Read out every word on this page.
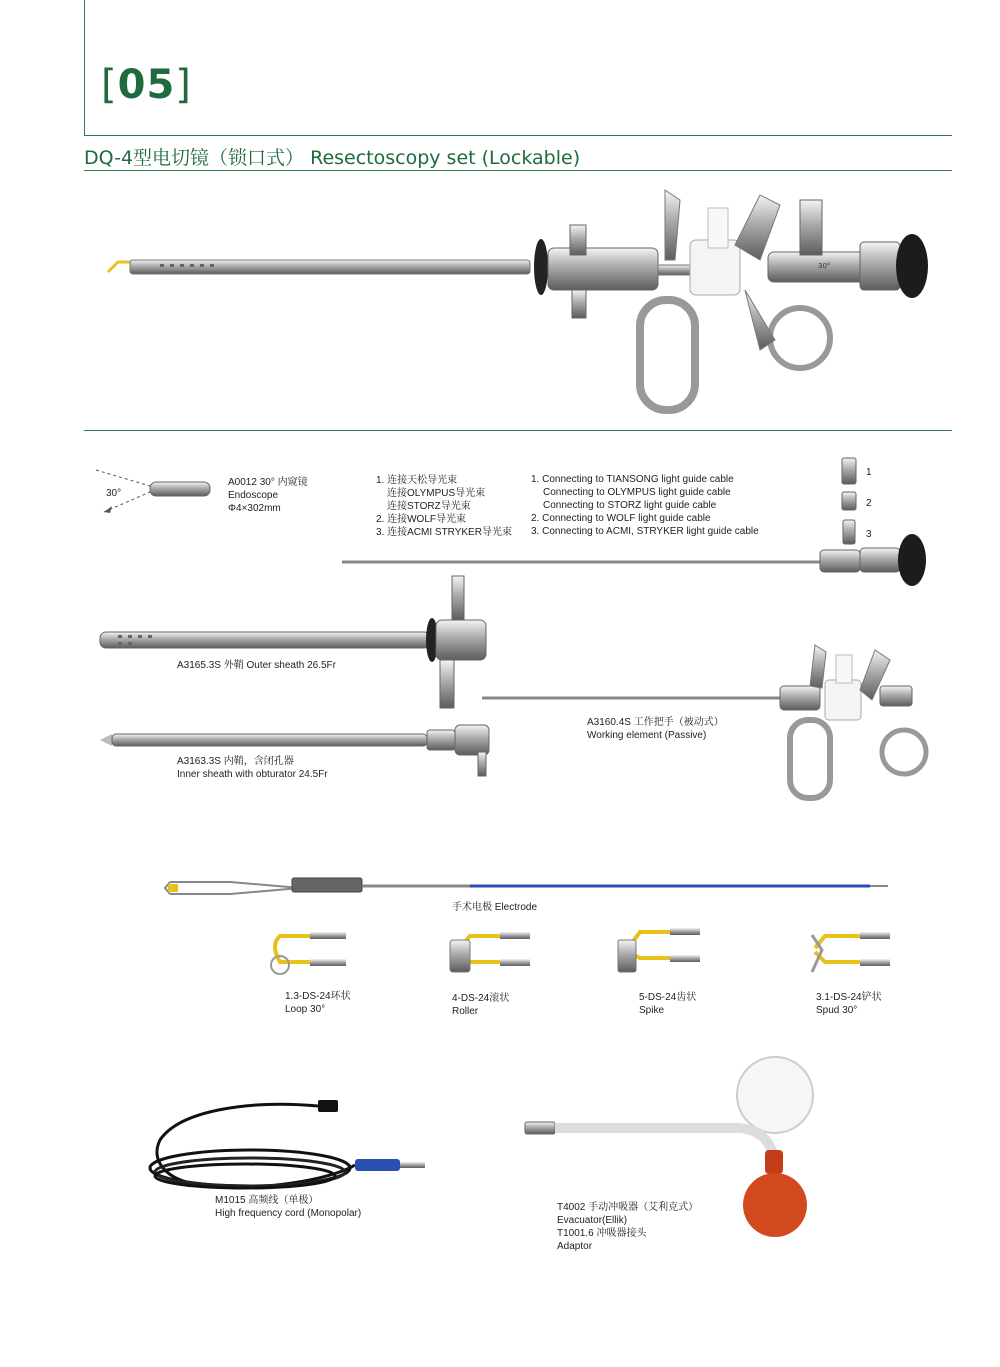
[05]
DQ-4型电切镜（锁口式） Resectoscopy set (Lockable)
30°
30°
A0012 30° 内窥镜
Endoscope
Φ4×302mm
1. 连接天松导光束
连接OLYMPUS导光束
连接STORZ导光束
2. 连接WOLF导光束
3. 连接ACMI STRYKER导光束
1. Connecting to TIANSONG light guide cable
Connecting to OLYMPUS light guide cable
Connecting to STORZ light guide cable
2. Connecting to WOLF light guide cable
3. Connecting to ACMI, STRYKER light guide cable
1
2
3
A3165.3S 外鞘 Outer sheath 26.5Fr
A3163.3S 内鞘，含闭孔器
Inner sheath with obturator 24.5Fr
A3160.4S 工作把手（被动式）
Working element (Passive)
手术电极 Electrode
1.3-DS-24环状
Loop 30°
4-DS-24滚状
Roller
5-DS-24齿状
Spike
3.1-DS-24铲状
Spud 30°
M1015 高频线（单极）
High frequency cord (Monopolar)
T4002 手动冲吸器（艾利克式）
Evacuator(Ellik)
T1001.6 冲吸器接头
Adaptor
